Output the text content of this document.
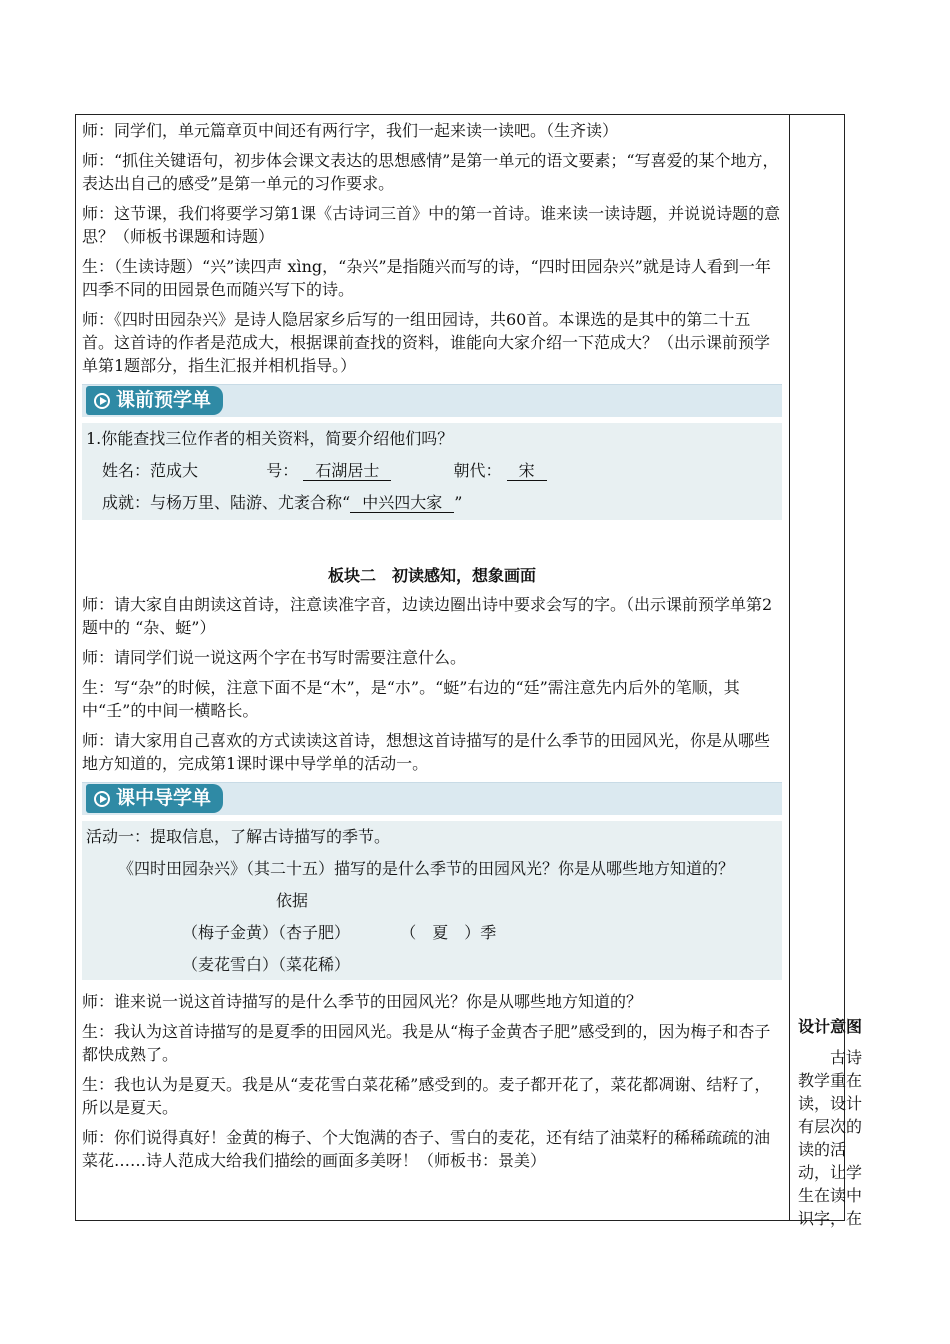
师：同学们，单元篇章页中间还有两行字，我们一起来读一读吧。（生齐读）

师：“抓住关键语句，初步体会课文表达的思想感情”是第一单元的语文要素；“写喜爱的某个地方，表达出自己的感受”是第一单元的习作要求。

师：这节课，我们将要学习第1课《古诗词三首》中的第一首诗。谁来读一读诗题，并说说诗题的意思？（师板书课题和诗题）

生：（生读诗题）“兴”读四声 xìng，“杂兴”是指随兴而写的诗，“四时田园杂兴”就是诗人看到一年四季不同的田园景色而随兴写下的诗。

师：《四时田园杂兴》是诗人隐居家乡后写的一组田园诗，共60首。本课选的是其中的第二十五首。这首诗的作者是范成大，根据课前查找的资料，谁能向大家介绍一下范成大？（出示课前预学单第1题部分，指生汇报并相机指导。）

课前预学单

1.你能查找三位作者的相关资料，简要介绍他们吗？

姓名：范成大	号： 石湖居士	朝代： 宋

成就：与杨万里、陆游、尤袤合称“ 中兴四大家 ”

板块二　初读感知，想象画面

师：请大家自由朗读这首诗，注意读准字音，边读边圈出诗中要求会写的字。（出示课前预学单第2题中的 “杂、蜓”）

师：请同学们说一说这两个字在书写时需要注意什么。

生：写“杂”的时候，注意下面不是“木”，是“朩”。“蜓”右边的“廷”需注意先内后外的笔顺，其中“壬”的中间一横略长。

师：请大家用自己喜欢的方式读读这首诗，想想这首诗描写的是什么季节的田园风光，你是从哪些地方知道的，完成第1课时课中导学单的活动一。

课中导学单

活动一：提取信息，了解古诗描写的季节。

《四时田园杂兴》（其二十五）描写的是什么季节的田园风光？你是从哪些地方知道的？

依据

（梅子金黄）（杏子肥）	（　夏　）季

（麦花雪白）（菜花稀）

师：谁来说一说这首诗描写的是什么季节的田园风光？你是从哪些地方知道的？

生：我认为这首诗描写的是夏季的田园风光。我是从“梅子金黄杏子肥”感受到的，因为梅子和杏子都快成熟了。

生：我也认为是夏天。我是从“麦花雪白菜花稀”感受到的。麦子都开花了，菜花都凋谢、结籽了，所以是夏天。

师：你们说得真好！金黄的梅子、个大饱满的杏子、雪白的麦花，还有结了油菜籽的稀稀疏疏的油菜花……诗人范成大给我们描绘的画面多美呀！（师板书：景美）

设计意图
古诗教学重在读，设计有层次的读的活动，让学生在读中识字，在
